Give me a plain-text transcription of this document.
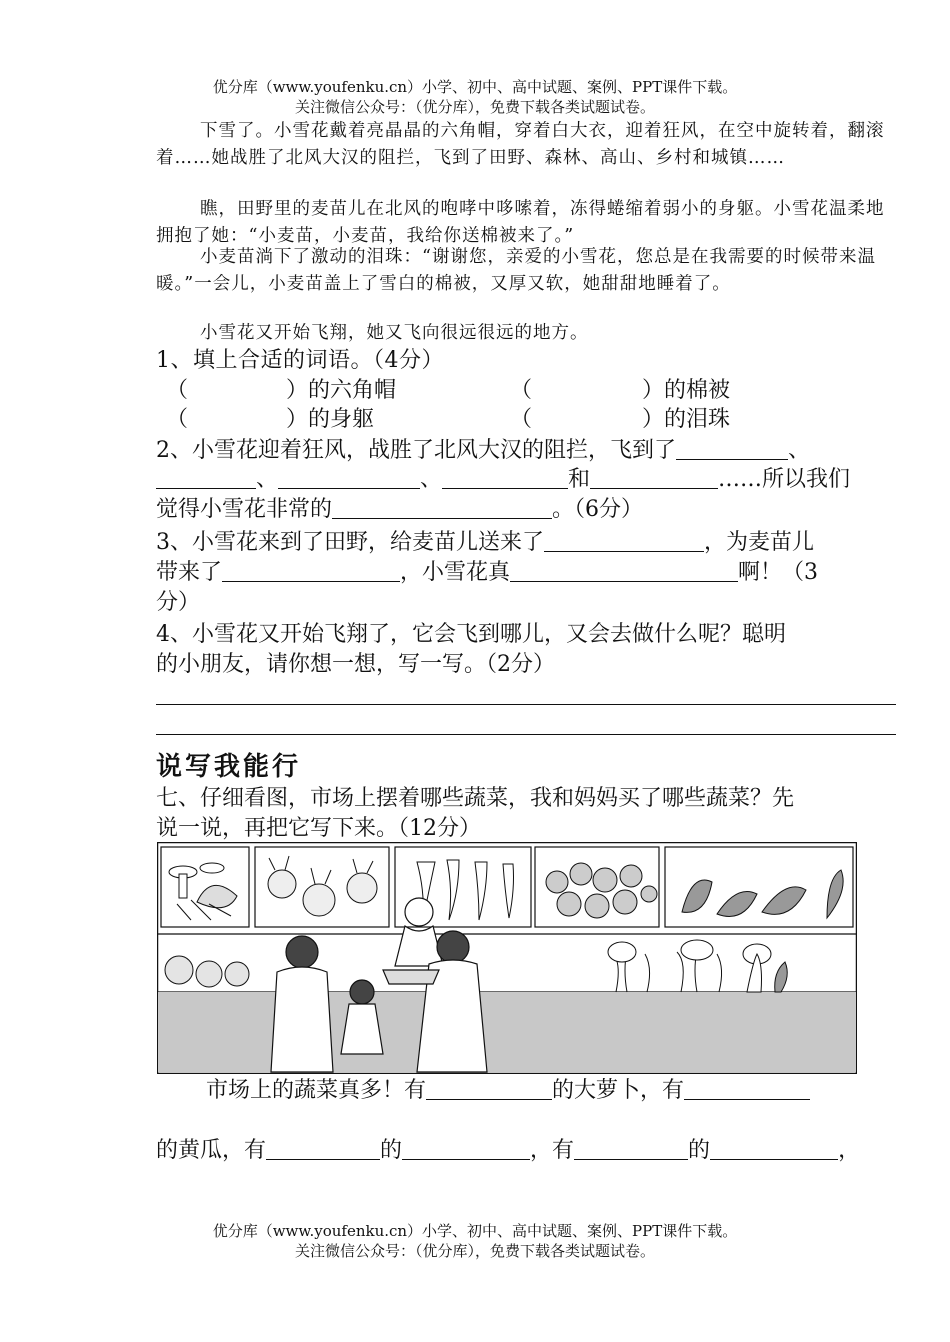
优分库（www.youfenku.cn）小学、初中、高中试题、案例、PPT课件下载。
关注微信公众号：（优分库），免费下载各类试题试卷。
下雪了。小雪花戴着亮晶晶的六角帽，穿着白大衣，迎着狂风，在空中旋转着，翻滚着……她战胜了北风大汉的阻拦，飞到了田野、森林、高山、乡村和城镇……
瞧，田野里的麦苗儿在北风的咆哮中哆嗦着，冻得蜷缩着弱小的身躯。小雪花温柔地拥抱了她：“小麦苗，小麦苗，我给你送棉被来了。”
小麦苗淌下了激动的泪珠：“谢谢您，亲爱的小雪花，您总是在我需要的时候带来温暖。”一会儿，小麦苗盖上了雪白的棉被，又厚又软，她甜甜地睡着了。
小雪花又开始飞翔，她又飞向很远很远的地方。
1、填上合适的词语。（4分）
（	）的六角帽	（	）的棉被
（	）的身躯	（	）的泪珠
2、小雪花迎着狂风，战胜了北风大汉的阻拦，飞到了	、
、	、	和	……所以我们
觉得小雪花非常的	。（6分）
3、小雪花来到了田野，给麦苗儿送来了	，为麦苗儿
带来了	，小雪花真	啊！（3
分）
4、小雪花又开始飞翔了，它会飞到哪儿，又会去做什么呢？聪明
的小朋友，请你想一想，写一写。（2分）
说写我能行
七、仔细看图，市场上摆着哪些蔬菜，我和妈妈买了哪些蔬菜？先
说一说，再把它写下来。（12分）
市场上的蔬菜真多！有	的大萝卜，有
的黄瓜，有	的	，有	的	，
优分库（www.youfenku.cn）小学、初中、高中试题、案例、PPT课件下载。
关注微信公众号：（优分库），免费下载各类试题试卷。
